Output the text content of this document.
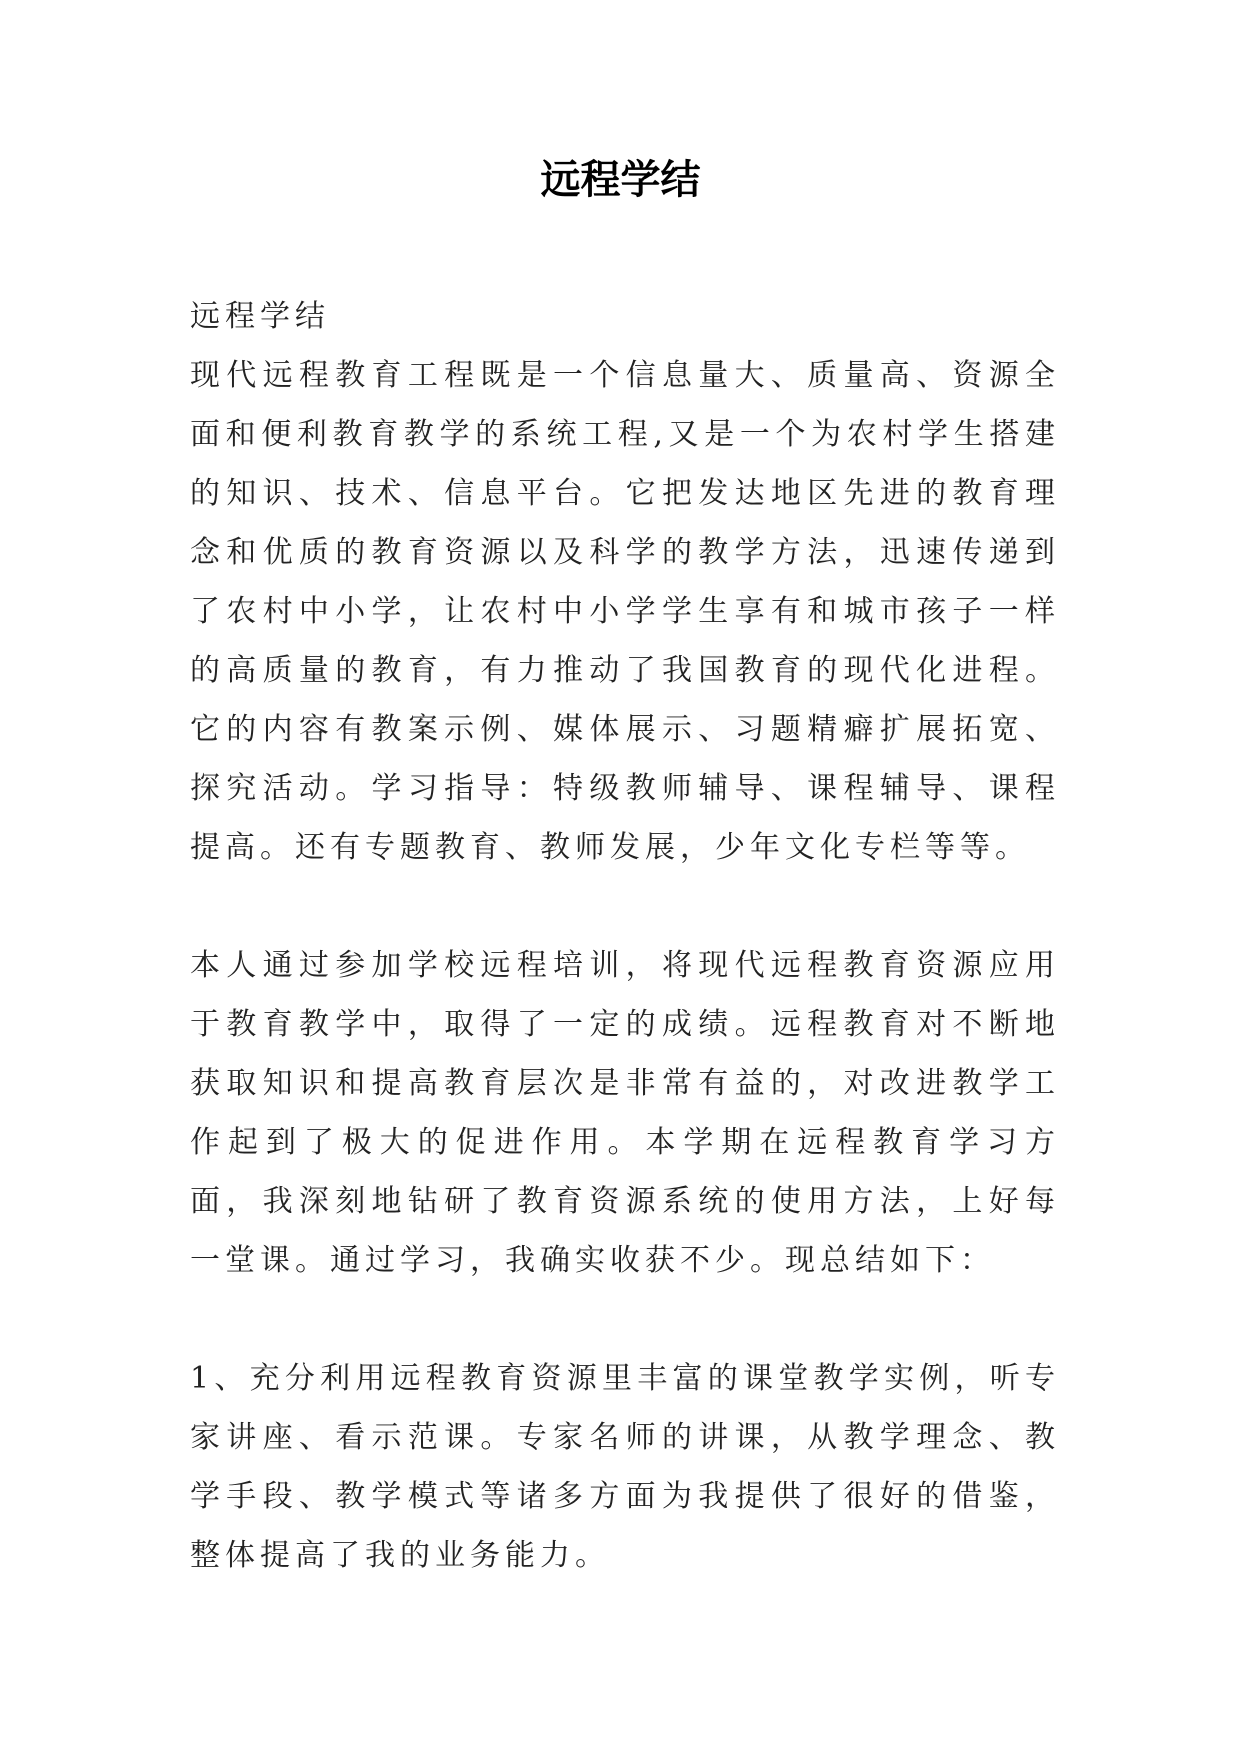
远程学结

远程学结

现代远程教育工程既是一个信息量大、质量高、资源全面和便利教育教学的系统工程,又是一个为农村学生搭建的知识、技术、信息平台。它把发达地区先进的教育理念和优质的教育资源以及科学的教学方法，迅速传递到了农村中小学，让农村中小学学生享有和城市孩子一样的高质量的教育，有力推动了我国教育的现代化进程。 它的内容有教案示例、媒体展示、习题精癖扩展拓宽、探究活动。学习指导：特级教师辅导、课程辅导、课程提高。还有专题教育、教师发展，少年文化专栏等等。

本人通过参加学校远程培训，将现代远程教育资源应用于教育教学中，取得了一定的成绩。远程教育对不断地获取知识和提高教育层次是非常有益的，对改进教学工作起到了极大的促进作用。本学期在远程教育学习方面，我深刻地钻研了教育资源系统的使用方法，上好每一堂课。通过学习，我确实收获不少。现总结如下：

1、充分利用远程教育资源里丰富的课堂教学实例，听专家讲座、看示范课。专家名师的讲课，从教学理念、教学手段、教学模式等诸多方面为我提供了很好的借鉴，整体提高了我的业务能力。
